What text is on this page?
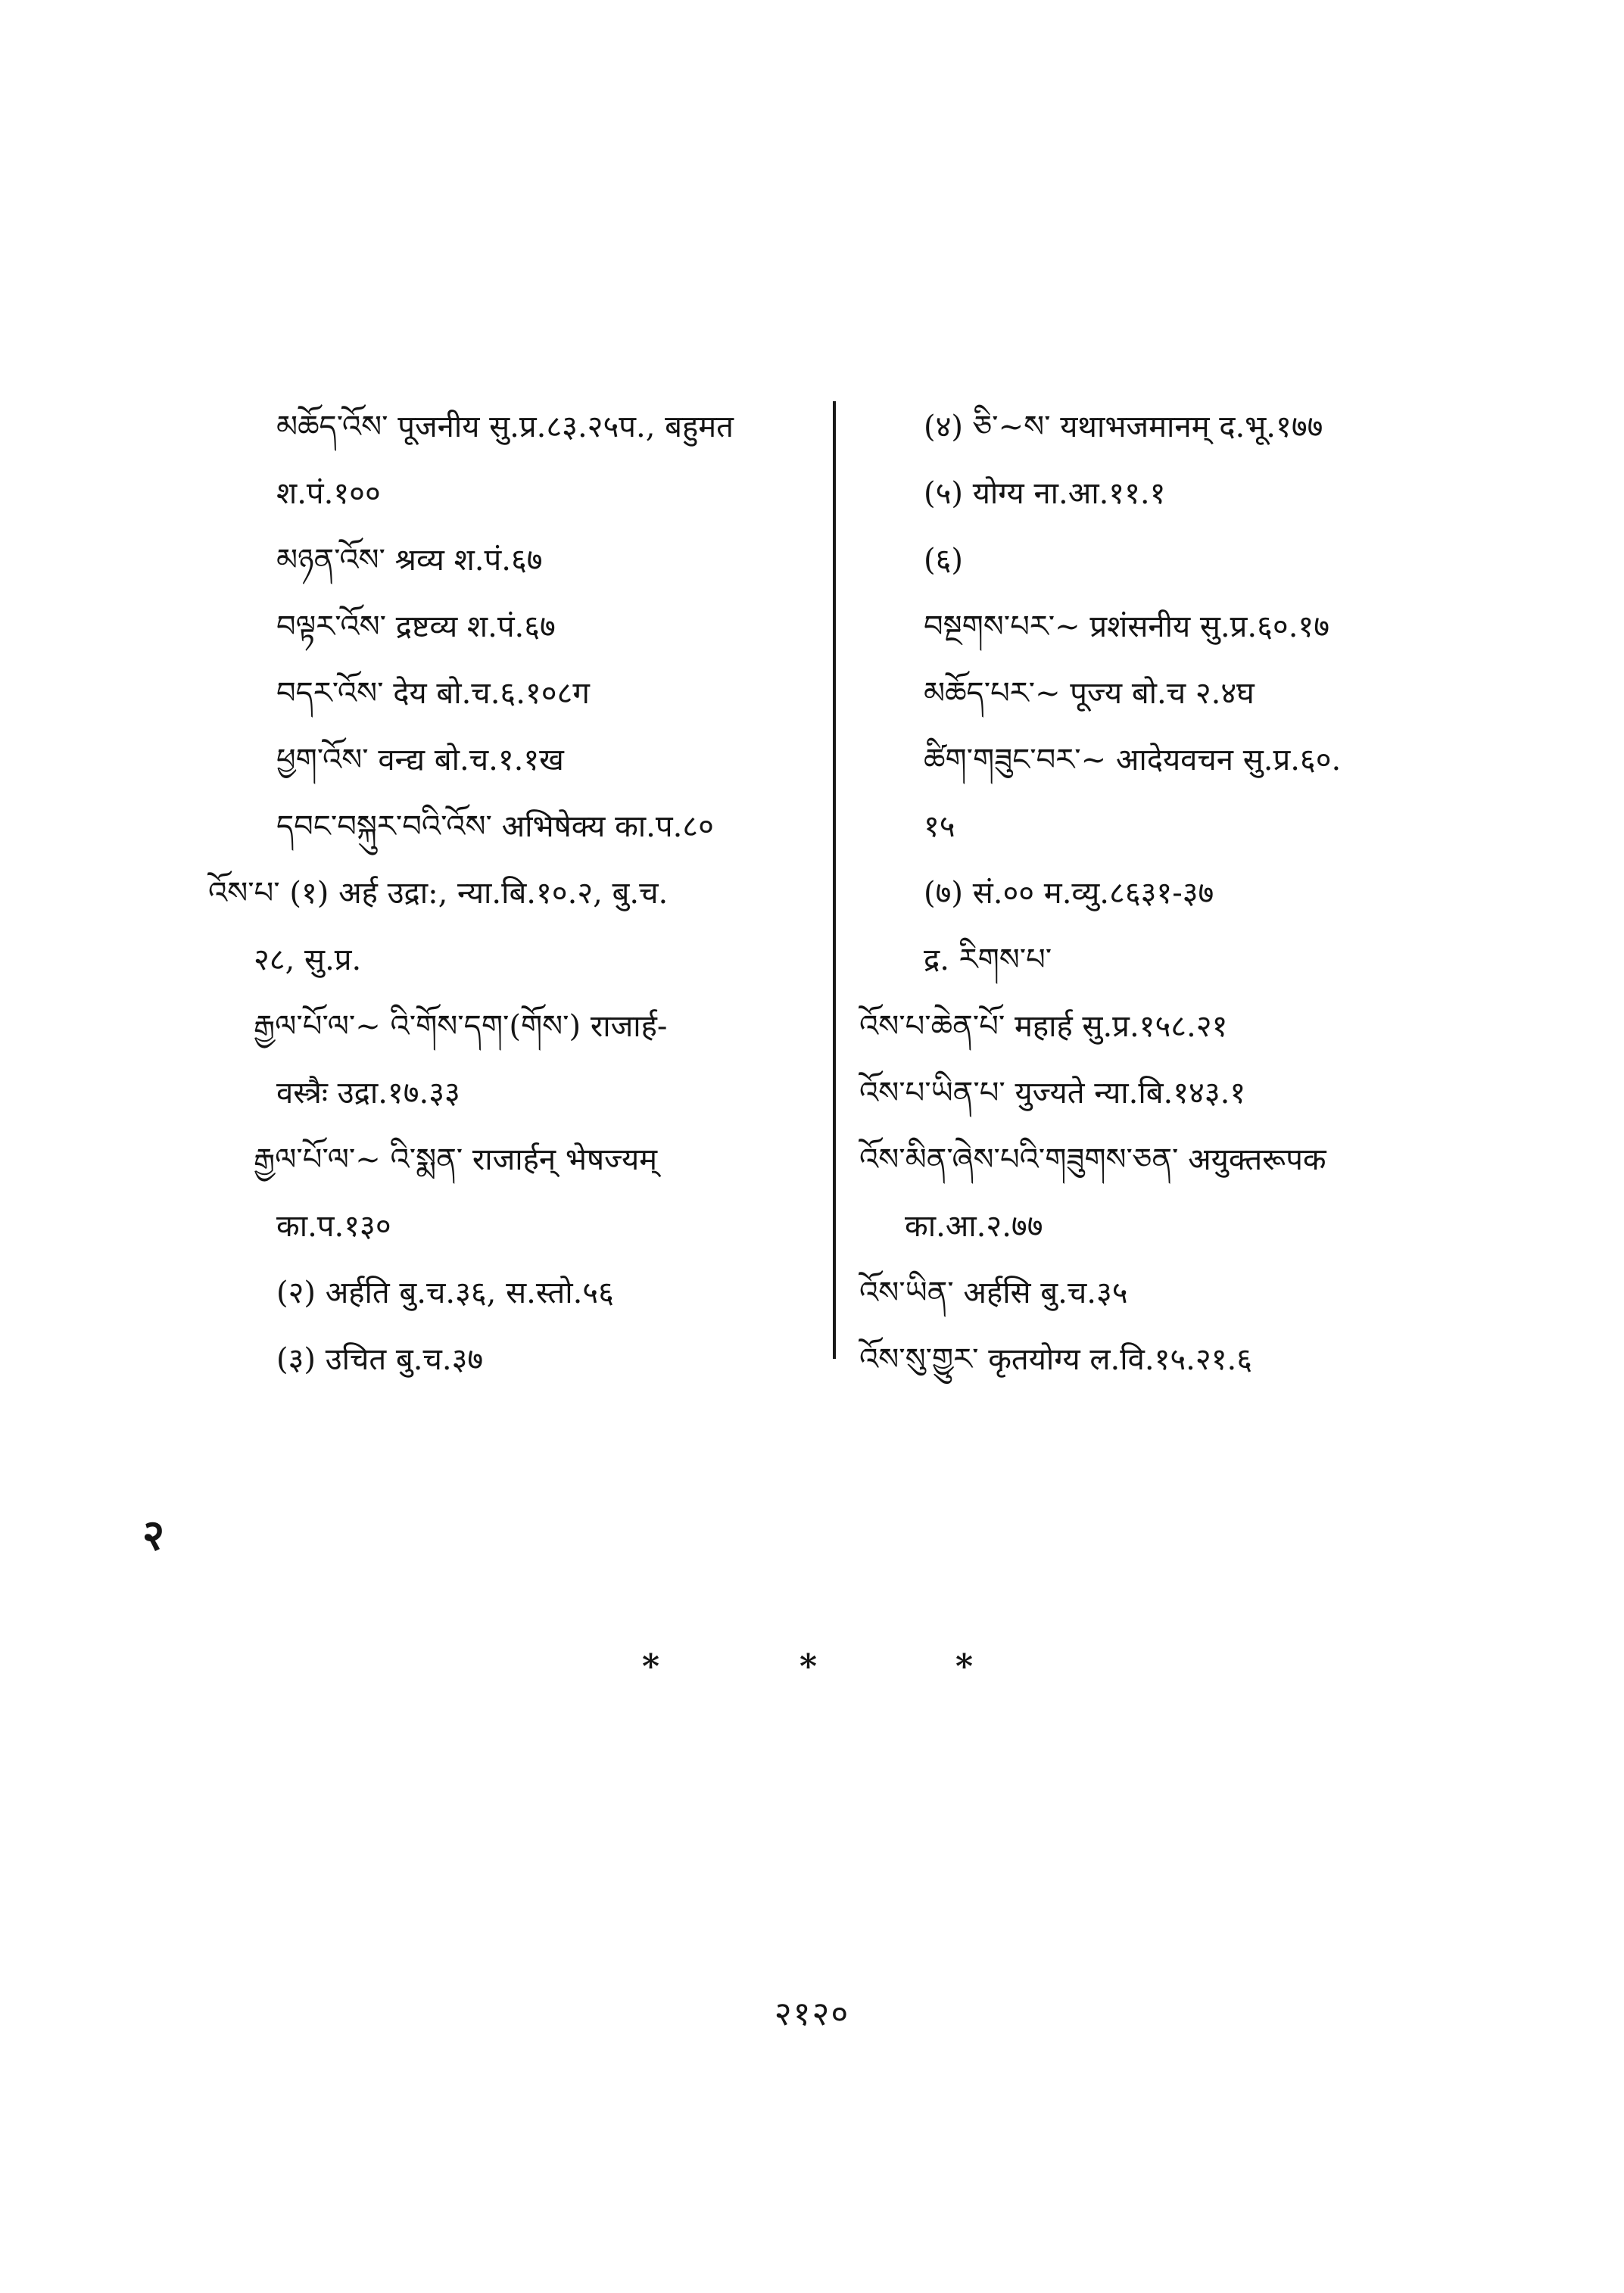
མཆོད་འོས་ पूजनीय सु.प्र.८३.२५प., बहुमत
श.पं.१००
མཉན་འོས་ श्रव्य श.पं.६७
བལྟར་འོས་ द्रष्टव्य श.पं.६७
བདར་འོས་ देय बो.च.६.१०८ग
ཕྱག་འོས་ वन्द्य बो.च.१.१ख
དབང་བསྐུར་བའི་འོས་ अभिषेक्य का.प.८०
འོས་པ་ (१) अर्ह उद्रा:, न्या.बि.१०.२, बु.च.
२८, सु.प्र.
རྒྱལ་པོ་ལ་~ འི་གོས་དག་(གོས་) राजार्ह-
वस्त्रैः उद्रा.१७.३३
རྒྱལ་པོ་ལ་~ འི་སྨན་ राजार्हन् भेषज्यम्
का.प.१३०
(२) अर्हति बु.च.३६, स.स्तो.५६
(३) उचित बु.च.३७
(४) ཅི་~ས་ यथाभजमानम् द.भू.१७७
(५) योग्य ना.आ.११.१
(६)
བསྔགས་པར་~ प्रशंसनीय सु.प्र.६०.१७
མཆོད་པར་~ पूज्य बो.च २.४घ
ཚིག་གཟུང་བར་~ आदेयवचन सु.प्र.६०.
१५
(७) सं.०० म.व्यु.८६३१-३७
द्र. རིགས་པ་
འོས་པ་ཆེན་པོ་ महार्ह सु.प्र.१५८.२१
འོས་པ་ཡིན་པ་ युज्यते न्या.बि.१४३.१
འོས་མིན་ཞེས་པའི་གཟུགས་ཅན་ अयुक्तरूपक
का.आ.२.७७
འོས་ཡིན་ अर्हसि बु.च.३५
འོས་སུ་གྱུར་ कृतयोग्य ल.वि.१५.२१.६
२
*	*	*
२१२०
